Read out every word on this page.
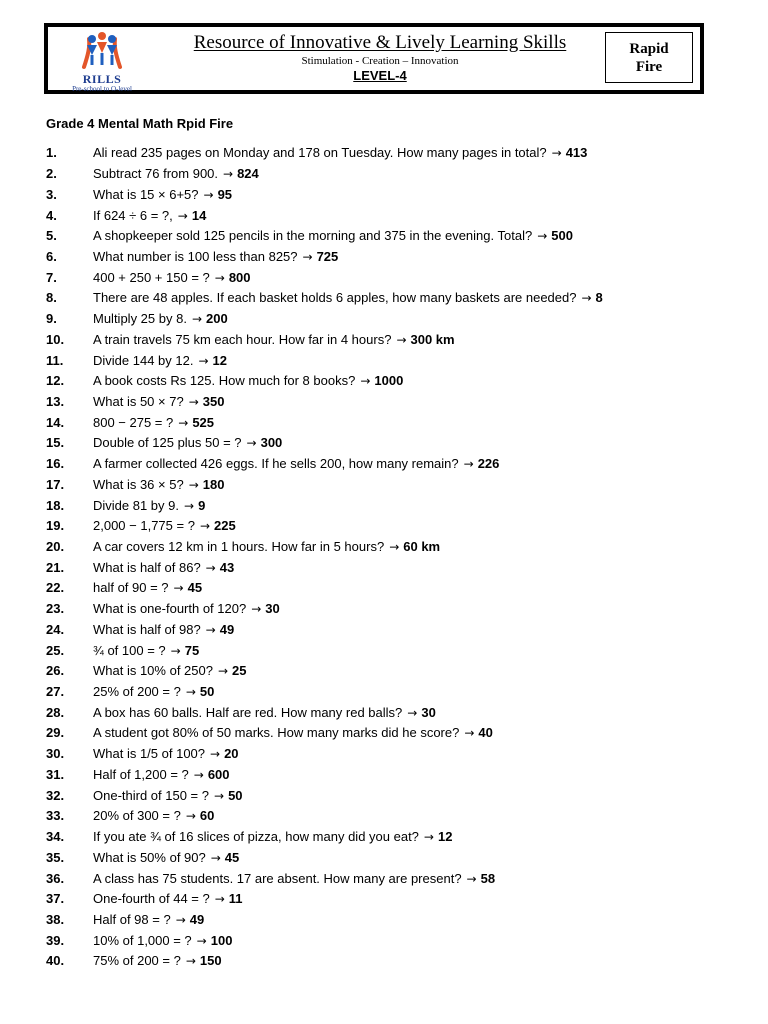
RILLS
Pre-school to O-level
Resource of Innovative & Lively Learning Skills
Stimulation - Creation – Innovation
LEVEL-4
Rapid
Fire
Grade 4 Mental Math Rpid Fire
1.	Ali read 235 pages on Monday and 178 on Tuesday. How many pages in total? → 413
2.	Subtract 76 from 900. → 824
3.	What is 15 × 6+5? → 95
4.	If 624 ÷ 6 = ?, → 14
5.	A shopkeeper sold 125 pencils in the morning and 375 in the evening. Total? → 500
6.	What number is 100 less than 825? → 725
7.	400 + 250 + 150 = ? → 800
8.	There are 48 apples. If each basket holds 6 apples, how many baskets are needed? → 8
9.	Multiply 25 by 8. → 200
10.	A train travels 75 km each hour. How far in 4 hours? → 300 km
11.	Divide 144 by 12. → 12
12.	A book costs Rs 125. How much for 8 books? → 1000
13.	What is 50 × 7? → 350
14.	800 − 275 = ? → 525
15.	Double of 125 plus 50 = ? → 300
16.	A farmer collected 426 eggs. If he sells 200, how many remain? → 226
17.	What is 36 × 5? → 180
18.	Divide 81 by 9. → 9
19.	2,000 − 1,775 = ? → 225
20.	A car covers 12 km in 1 hours. How far in 5 hours? → 60 km
21.	What is half of 86? → 43
22.	half of 90 = ? → 45
23.	What is one-fourth of 120? → 30
24.	What is half of 98? → 49
25.	¾ of 100 = ? → 75
26.	What is 10% of 250? → 25
27.	25% of 200 = ? → 50
28.	A box has 60 balls. Half are red. How many red balls? → 30
29.	A student got 80% of 50 marks. How many marks did he score? → 40
30.	What is 1/5 of 100? → 20
31.	Half of 1,200 = ? → 600
32.	One-third of 150 = ? → 50
33.	20% of 300 = ? → 60
34.	If you ate ¾ of 16 slices of pizza, how many did you eat? → 12
35.	What is 50% of 90? → 45
36.	A class has 75 students. 17 are absent. How many are present? → 58
37.	One-fourth of 44 = ? → 11
38.	Half of 98 = ? → 49
39.	10% of 1,000 = ? → 100
40.	75% of 200 = ? → 150
